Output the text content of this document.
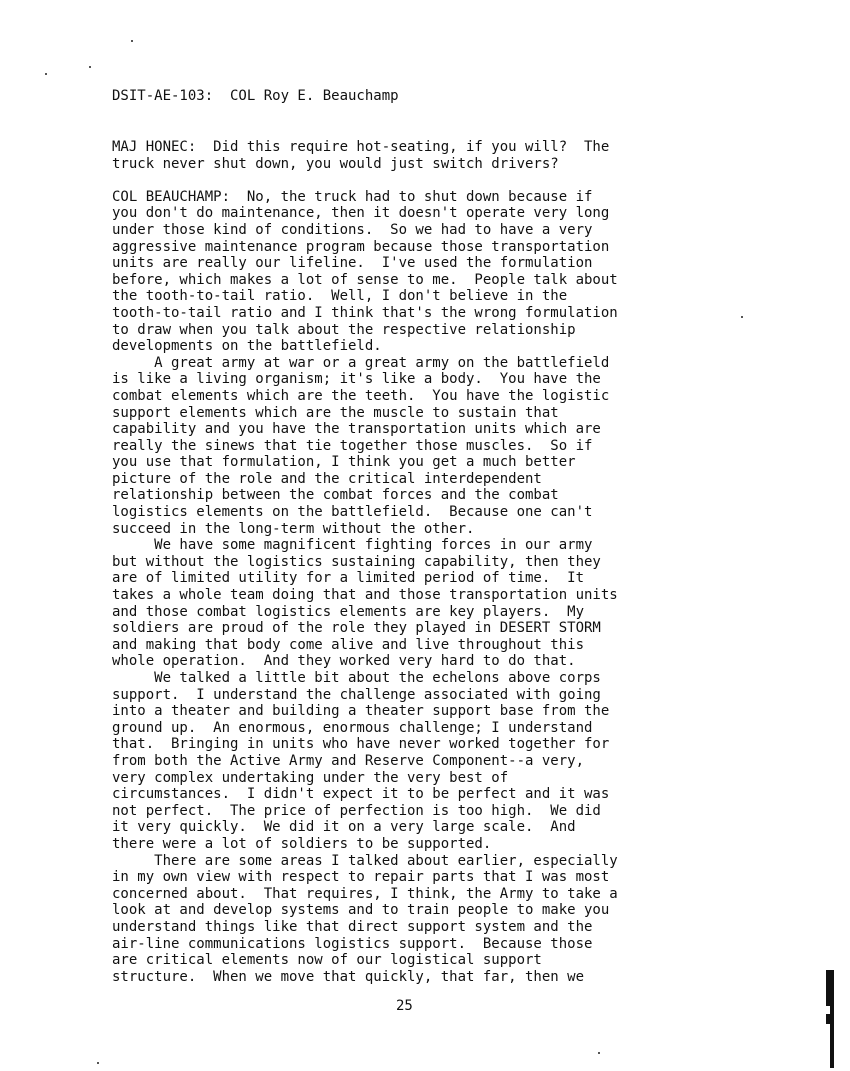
DSIT-AE-103:  COL Roy E. Beauchamp

MAJ HONEC:  Did this require hot-seating, if you will?  The

truck never shut down, you would just switch drivers?

COL BEAUCHAMP:  No, the truck had to shut down because if

you don't do maintenance, then it doesn't operate very long

under those kind of conditions.  So we had to have a very

aggressive maintenance program because those transportation

units are really our lifeline.  I've used the formulation

before, which makes a lot of sense to me.  People talk about

the tooth-to-tail ratio.  Well, I don't believe in the

tooth-to-tail ratio and I think that's the wrong formulation

to draw when you talk about the respective relationship

developments on the battlefield.

A great army at war or a great army on the battlefield

is like a living organism; it's like a body.  You have the

combat elements which are the teeth.  You have the logistic

support elements which are the muscle to sustain that

capability and you have the transportation units which are

really the sinews that tie together those muscles.  So if

you use that formulation, I think you get a much better

picture of the role and the critical interdependent

relationship between the combat forces and the combat

logistics elements on the battlefield.  Because one can't

succeed in the long-term without the other.

We have some magnificent fighting forces in our army

but without the logistics sustaining capability, then they

are of limited utility for a limited period of time.  It

takes a whole team doing that and those transportation units

and those combat logistics elements are key players.  My

soldiers are proud of the role they played in DESERT STORM

and making that body come alive and live throughout this

whole operation.  And they worked very hard to do that.

We talked a little bit about the echelons above corps

support.  I understand the challenge associated with going

into a theater and building a theater support base from the

ground up.  An enormous, enormous challenge; I understand

that.  Bringing in units who have never worked together for

from both the Active Army and Reserve Component--a very,

very complex undertaking under the very best of

circumstances.  I didn't expect it to be perfect and it was

not perfect.  The price of perfection is too high.  We did

it very quickly.  We did it on a very large scale.  And

there were a lot of soldiers to be supported.

There are some areas I talked about earlier, especially

in my own view with respect to repair parts that I was most

concerned about.  That requires, I think, the Army to take a

look at and develop systems and to train people to make you

understand things like that direct support system and the

air-line communications logistics support.  Because those

are critical elements now of our logistical support

structure.  When we move that quickly, that far, then we

25
